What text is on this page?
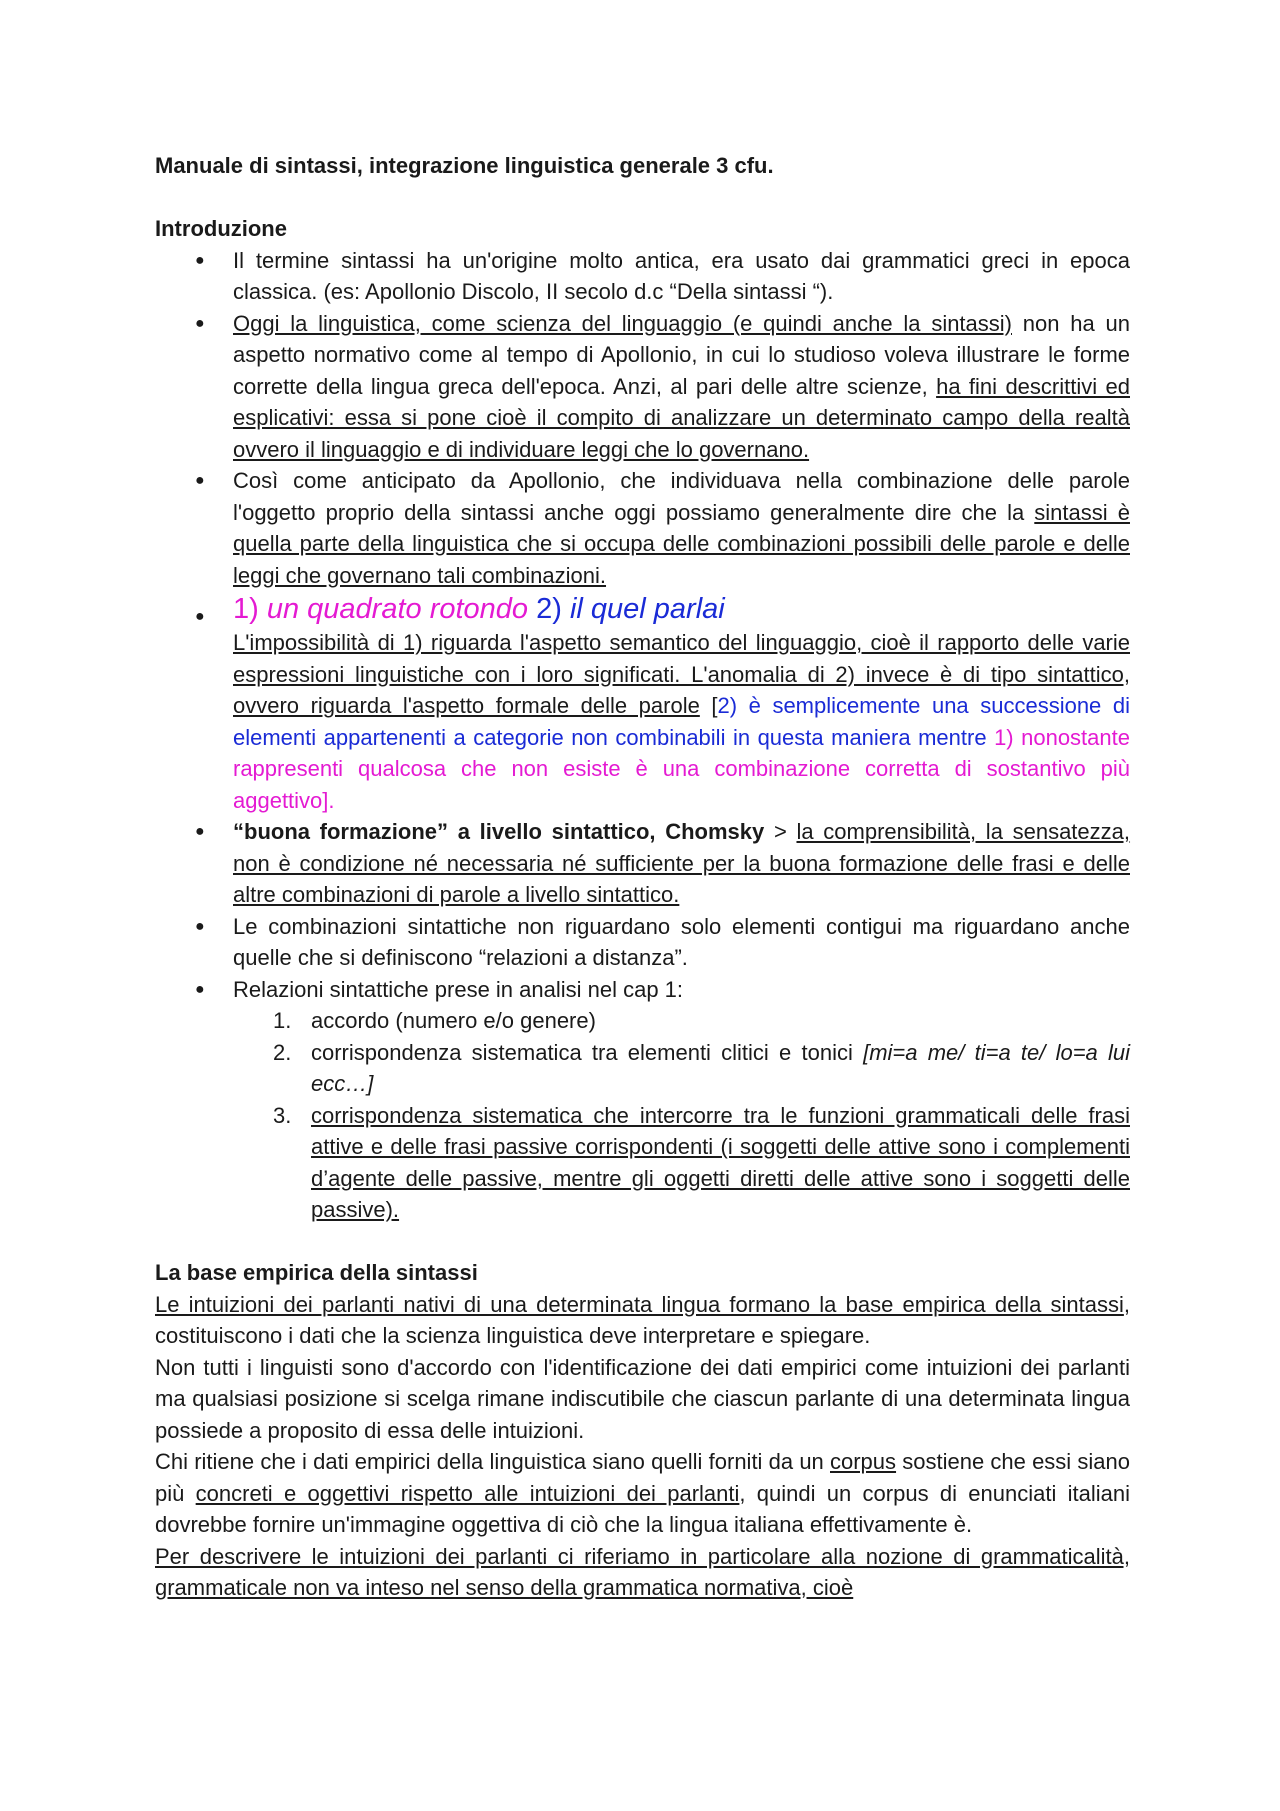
Manuale di sintassi, integrazione linguistica generale 3 cfu.

Introduzione

● Il termine sintassi ha un'origine molto antica, era usato dai grammatici greci in epoca classica. (es: Apollonio Discolo, II secolo d.c “Della sintassi “).
● Oggi la linguistica, come scienza del linguaggio (e quindi anche la sintassi) non ha un aspetto normativo come al tempo di Apollonio, in cui lo studioso voleva illustrare le forme corrette della lingua greca dell'epoca. Anzi, al pari delle altre scienze, ha fini descrittivi ed esplicativi: essa si pone cioè il compito di analizzare un determinato campo della realtà ovvero il linguaggio e di individuare leggi che lo governano.
● Così come anticipato da Apollonio, che individuava nella combinazione delle parole l'oggetto proprio della sintassi anche oggi possiamo generalmente dire che la sintassi è quella parte della linguistica che si occupa delle combinazioni possibili delle parole e delle leggi che governano tali combinazioni.
● 1) un quadrato rotondo 2) il quel parlai
L'impossibilità di 1) riguarda l'aspetto semantico del linguaggio, cioè il rapporto delle varie espressioni linguistiche con i loro significati. L'anomalia di 2) invece è di tipo sintattico, ovvero riguarda l'aspetto formale delle parole [2) è semplicemente una successione di elementi appartenenti a categorie non combinabili in questa maniera mentre 1) nonostante rappresenti qualcosa che non esiste è una combinazione corretta di sostantivo più aggettivo].
● “buona formazione” a livello sintattico, Chomsky > la comprensibilità, la sensatezza, non è condizione né necessaria né sufficiente per la buona formazione delle frasi e delle altre combinazioni di parole a livello sintattico.
● Le combinazioni sintattiche non riguardano solo elementi contigui ma riguardano anche quelle che si definiscono “relazioni a distanza”.
● Relazioni sintattiche prese in analisi nel cap 1:
1. accordo (numero e/o genere)
2. corrispondenza sistematica tra elementi clitici e tonici [mi=a me/ ti=a te/ lo=a lui ecc…]
3. corrispondenza sistematica che intercorre tra le funzioni grammaticali delle frasi attive e delle frasi passive corrispondenti (i soggetti delle attive sono i complementi d’agente delle passive, mentre gli oggetti diretti delle attive sono i soggetti delle passive).

La base empirica della sintassi

Le intuizioni dei parlanti nativi di una determinata lingua formano la base empirica della sintassi, costituiscono i dati che la scienza linguistica deve interpretare e spiegare.

Non tutti i linguisti sono d'accordo con l'identificazione dei dati empirici come intuizioni dei parlanti ma qualsiasi posizione si scelga rimane indiscutibile che ciascun parlante di una determinata lingua possiede a proposito di essa delle intuizioni.

Chi ritiene che i dati empirici della linguistica siano quelli forniti da un corpus sostiene che essi siano più concreti e oggettivi rispetto alle intuizioni dei parlanti, quindi un corpus di enunciati italiani dovrebbe fornire un'immagine oggettiva di ciò che la lingua italiana effettivamente è.

Per descrivere le intuizioni dei parlanti ci riferiamo in particolare alla nozione di grammaticalità, grammaticale non va inteso nel senso della grammatica normativa, cioè
